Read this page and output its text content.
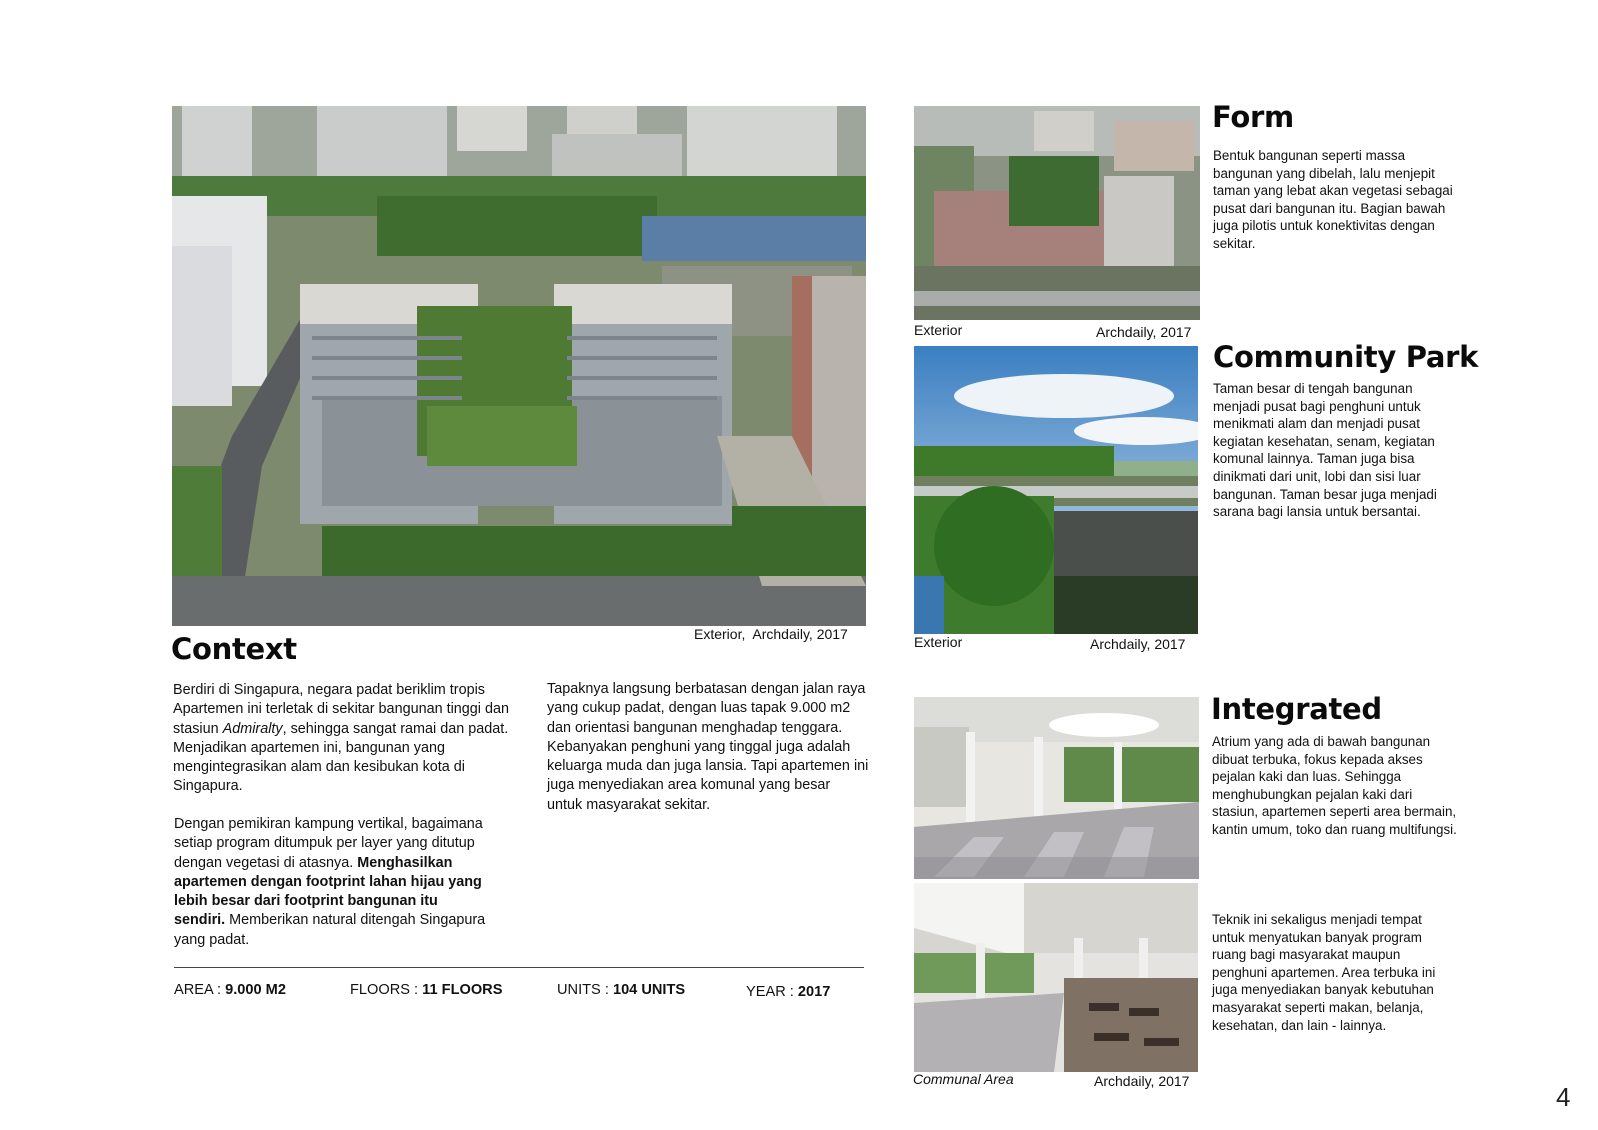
Exterior, Archdaily, 2017
Context
Berdiri di Singapura, negara padat beriklim tropis Apartemen ini terletak di sekitar bangunan tinggi dan stasiun Admiralty, sehingga sangat ramai dan padat. Menjadikan apartemen ini, bangunan yang mengintegrasikan alam dan kesibukan kota di Singapura.
Dengan pemikiran kampung vertikal, bagaimana setiap program ditumpuk per layer yang ditutup dengan vegetasi di atasnya. Menghasilkan apartemen dengan footprint lahan hijau yang lebih besar dari footprint bangunan itu sendiri. Memberikan natural ditengah Singapura yang padat.
Tapaknya langsung berbatasan dengan jalan raya yang cukup padat, dengan luas tapak 9.000 m2 dan orientasi bangunan menghadap tenggara. Kebanyakan penghuni yang tinggal juga adalah keluarga muda dan juga lansia. Tapi apartemen ini juga menyediakan area komunal yang besar untuk masyarakat sekitar.
AREA : 9.000 M2	FLOORS : 11 FLOORS	UNITS : 104 UNITS	YEAR : 2017
Exterior	Archdaily, 2017
Form
Bentuk bangunan seperti massa bangunan yang dibelah, lalu menjepit taman yang lebat akan vegetasi sebagai pusat dari bangunan itu. Bagian bawah juga pilotis untuk konektivitas dengan sekitar.
Exterior	Archdaily, 2017
Community Park
Taman besar di tengah bangunan menjadi pusat bagi penghuni untuk menikmati alam dan menjadi pusat kegiatan kesehatan, senam, kegiatan komunal lainnya. Taman juga bisa dinikmati dari unit, lobi dan sisi luar bangunan. Taman besar juga menjadi sarana bagi lansia untuk bersantai.
Communal Area	Archdaily, 2017
Integrated
Atrium yang ada di bawah bangunan dibuat terbuka, fokus kepada akses pejalan kaki dan luas. Sehingga menghubungkan pejalan kaki dari stasiun, apartemen seperti area bermain, kantin umum, toko dan ruang multifungsi.
Teknik ini sekaligus menjadi tempat untuk menyatukan banyak program ruang bagi masyarakat maupun penghuni apartemen. Area terbuka ini juga menyediakan banyak kebutuhan masyarakat seperti makan, belanja, kesehatan, dan lain - lainnya.
4
